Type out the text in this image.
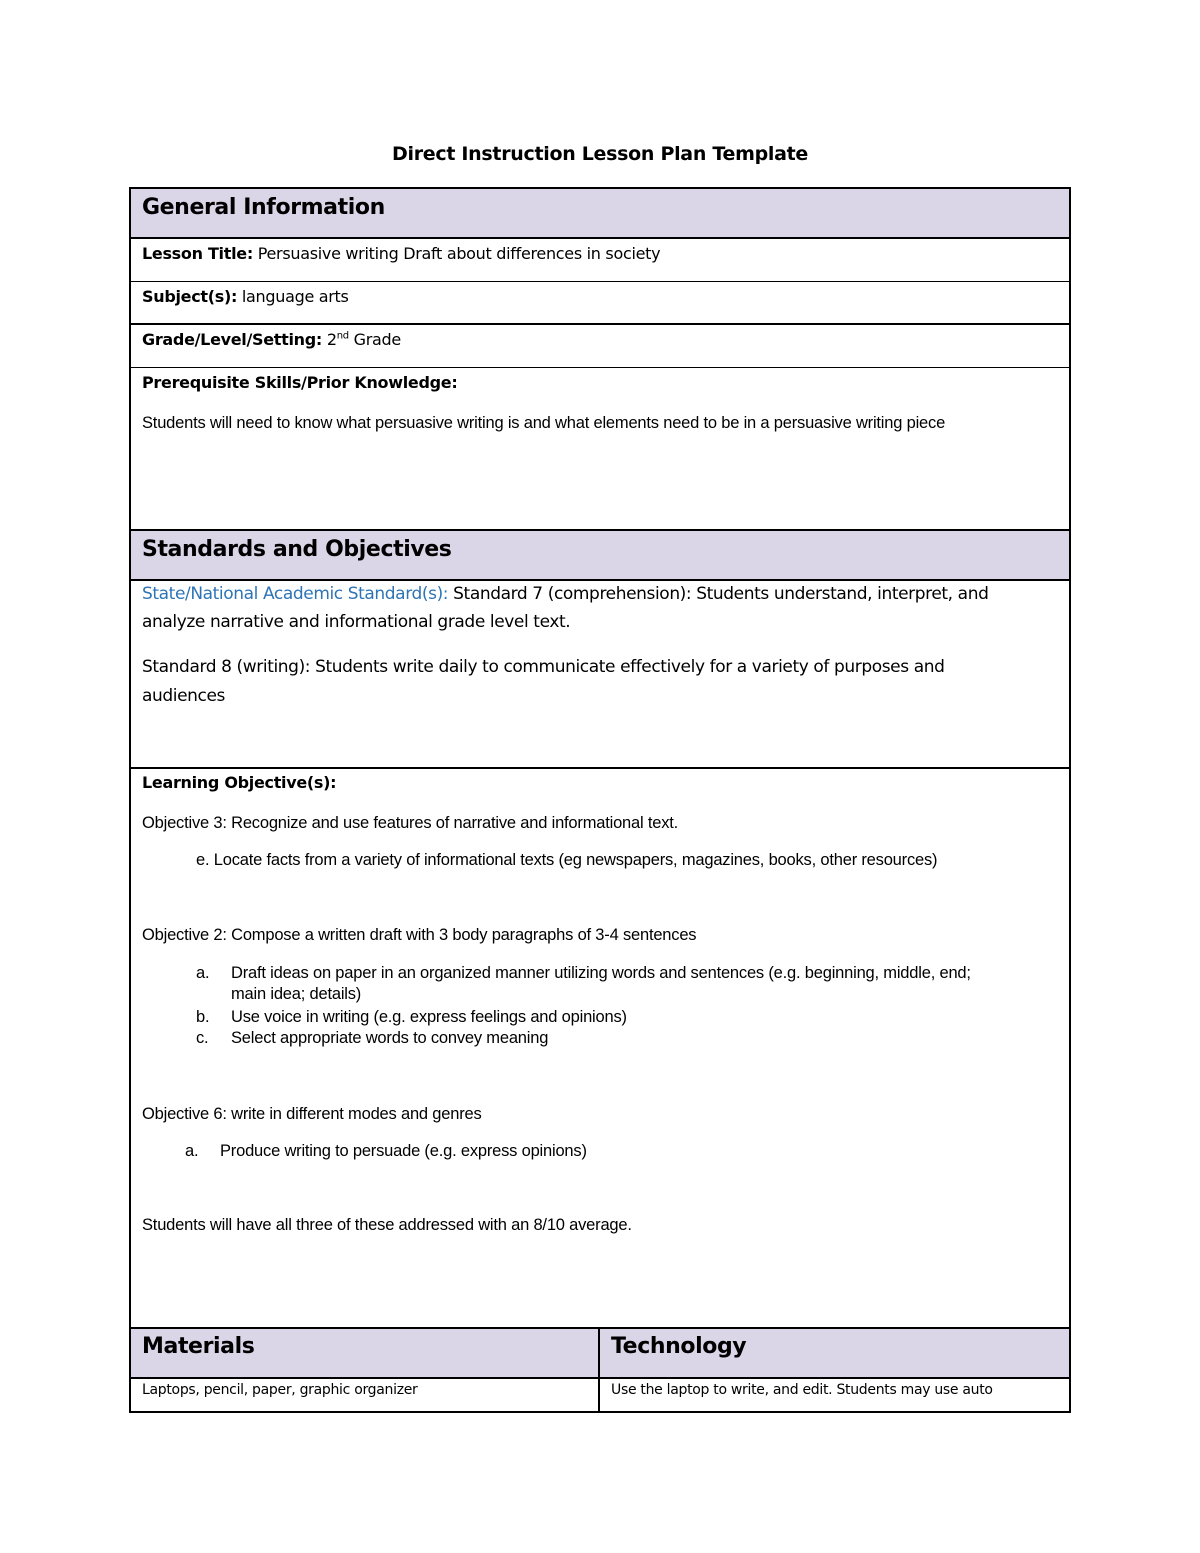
Direct Instruction Lesson Plan Template
General Information
Lesson Title: Persuasive writing Draft about differences in society
Subject(s): language arts
Grade/Level/Setting: 2nd Grade
Prerequisite Skills/Prior Knowledge:
Students will need to know what persuasive writing is and what elements need to be in a persuasive writing piece
Standards and Objectives
State/National Academic Standard(s): Standard 7 (comprehension): Students understand, interpret, and
analyze narrative and informational grade level text.
Standard 8 (writing): Students write daily to communicate effectively for a variety of purposes and
audiences
Learning Objective(s):
Objective 3: Recognize and use features of narrative and informational text.
e. Locate facts from a variety of informational texts (eg newspapers, magazines, books, other resources)
Objective 2: Compose a written draft with 3 body paragraphs of 3-4 sentences
a. Draft ideas on paper in an organized manner utilizing words and sentences (e.g. beginning, middle, end;
main idea; details)
b. Use voice in writing (e.g. express feelings and opinions)
c. Select appropriate words to convey meaning
Objective 6: write in different modes and genres
a. Produce writing to persuade (e.g. express opinions)
Students will have all three of these addressed with an 8/10 average.
Materials	Technology
Laptops, pencil, paper, graphic organizer	Use the laptop to write, and edit. Students may use auto
